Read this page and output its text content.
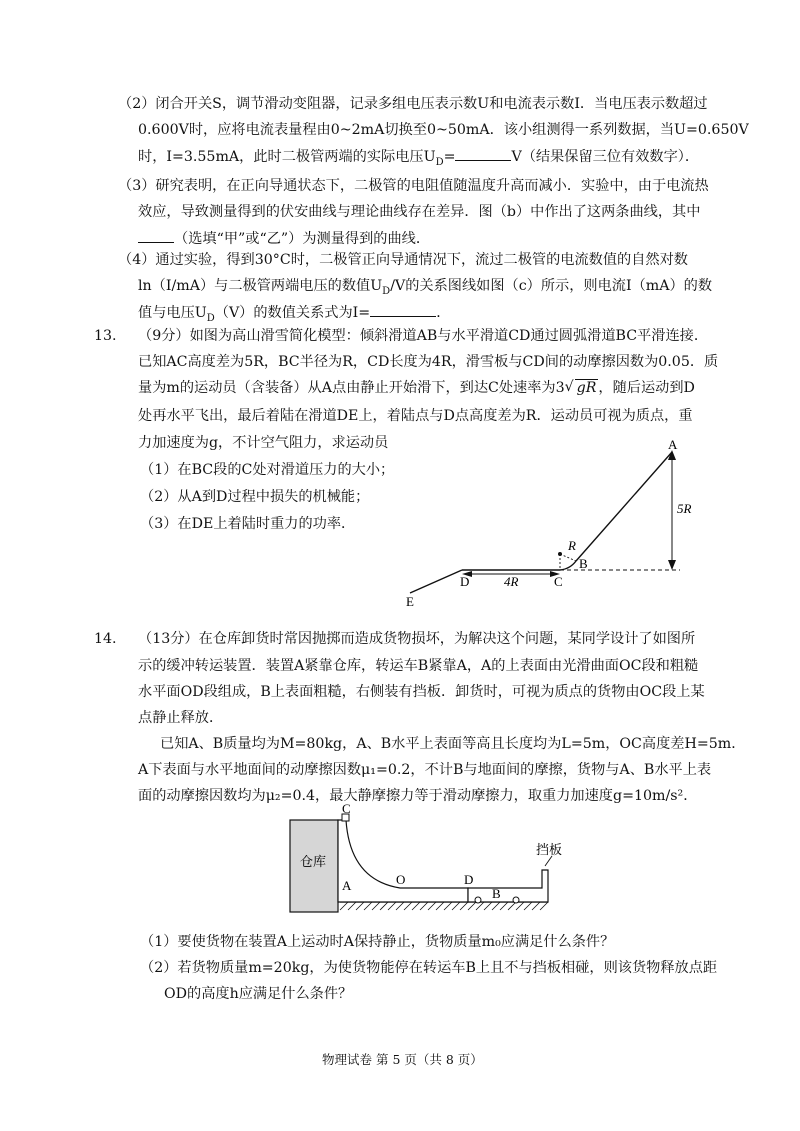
（2）闭合开关S，调节滑动变阻器，记录多组电压表示数U和电流表示数I．当电压表示数超过
0.600V时，应将电流表量程由0~2mA切换至0~50mA．该小组测得一系列数据，当U=0.650V
时，I=3.55mA，此时二极管两端的实际电压$U_D=$	V（结果保留三位有效数字）．
（3）研究表明，在正向导通状态下，二极管的电阻值随温度升高而减小．实验中，由于电流热
效应，导致测量得到的伏安曲线与理论曲线存在差异．图（b）中作出了这两条曲线，其中
（选填“甲”或“乙”）为测量得到的曲线．
（4）通过实验，得到30°C时，二极管正向导通情况下，流过二极管的电流数值的自然对数
ln（I/mA）与二极管两端电压的数值$U_D/V$的关系图线如图（c）所示，则电流I（mA）的数
值与电压$U_D(V)$的数值关系式为I=	．
13. （9分）如图为高山滑雪简化模型：倾斜滑道AB与水平滑道CD通过圆弧滑道BC平滑连接．
已知AC高度差为5R，BC半径为R，CD长度为4R，滑雪板与CD间的动摩擦因数为0.05．质
量为m的运动员（含装备）从A点由静止开始滑下，到达C处速率为3 √ gR ，随后运动到D
处再水平飞出，最后着陆在滑道DE上，着陆点与D点高度差为R．运动员可视为质点，重
力加速度为g，不计空气阻力，求运动员
（1）在BC段的C处对滑道压力的大小；
（2）从A到D过程中损失的机械能；
（3）在DE上着陆时重力的功率．
A
B
C
D
E
R
5R
4R
14. （13分）在仓库卸货时常因抛掷而造成货物损坏，为解决这个问题，某同学设计了如图所
示的缓冲转运装置．装置A紧靠仓库，转运车B紧靠A，A的上表面由光滑曲面OC段和粗糙
水平面OD段组成，B上表面粗糙，右侧装有挡板．卸货时，可视为质点的货物由OC段上某
点静止释放．
已知A、B质量均为M=80kg，A、B水平上表面等高且长度均为L=5m，OC高度差H=5m．
A下表面与水平地面间的动摩擦因数μ₁=0.2，不计B与地面间的摩擦，货物与A、B水平上表
面的动摩擦因数均为μ₂=0.4，最大静摩擦力等于滑动摩擦力，取重力加速度g=10m/s²．
仓库
C
A	O	D
B
挡板
（1）要使货物在装置A上运动时A保持静止，货物质量m₀应满足什么条件？
（2）若货物质量m=20kg，为使货物能停在转运车B上且不与挡板相碰，则该货物释放点距
OD的高度h应满足什么条件？
物理试卷 第 5 页（共 8 页）
